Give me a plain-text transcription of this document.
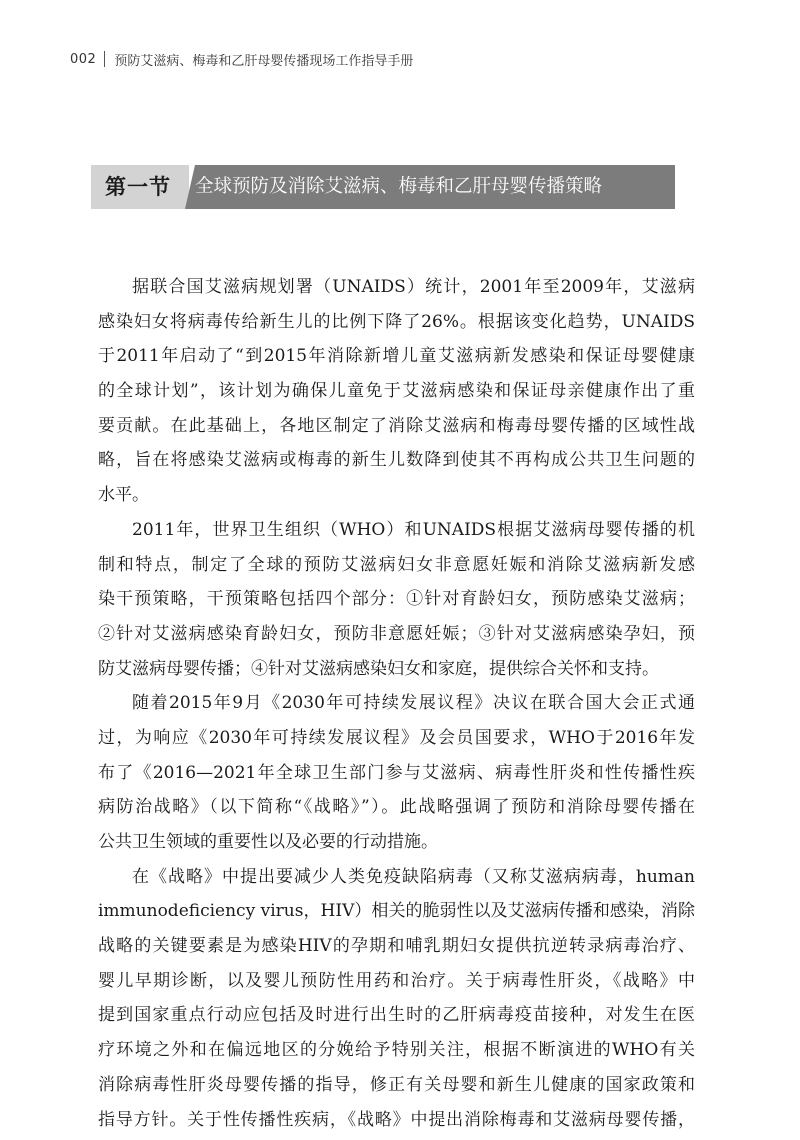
002 预防艾滋病、梅毒和乙肝母婴传播现场工作指导手册
第一节 全球预防及消除艾滋病、梅毒和乙肝母婴传播策略
据联合国艾滋病规划署（UNAIDS）统计，2001年至2009年，艾滋病
感染妇女将病毒传给新生儿的比例下降了26%。根据该变化趋势，UNAIDS
于2011年启动了“到2015年消除新增儿童艾滋病新发感染和保证母婴健康
的全球计划”，该计划为确保儿童免于艾滋病感染和保证母亲健康作出了重
要贡献。在此基础上，各地区制定了消除艾滋病和梅毒母婴传播的区域性战
略，旨在将感染艾滋病或梅毒的新生儿数降到使其不再构成公共卫生问题的
水平。
2011年，世界卫生组织（WHO）和UNAIDS根据艾滋病母婴传播的机
制和特点，制定了全球的预防艾滋病妇女非意愿妊娠和消除艾滋病新发感
染干预策略，干预策略包括四个部分：①针对育龄妇女，预防感染艾滋病；
②针对艾滋病感染育龄妇女，预防非意愿妊娠；③针对艾滋病感染孕妇，预
防艾滋病母婴传播；④针对艾滋病感染妇女和家庭，提供综合关怀和支持。
随着2015年9月《2030年可持续发展议程》决议在联合国大会正式通
过，为响应《2030年可持续发展议程》及会员国要求，WHO于2016年发
布了《2016—2021年全球卫生部门参与艾滋病、病毒性肝炎和性传播性疾
病防治战略》（以下简称“《战略》”）。此战略强调了预防和消除母婴传播在
公共卫生领域的重要性以及必要的行动措施。
在《战略》中提出要减少人类免疫缺陷病毒（又称艾滋病病毒，human
immunodeficiency virus，HIV）相关的脆弱性以及艾滋病传播和感染，消除
战略的关键要素是为感染HIV的孕期和哺乳期妇女提供抗逆转录病毒治疗、
婴儿早期诊断，以及婴儿预防性用药和治疗。关于病毒性肝炎，《战略》中
提到国家重点行动应包括及时进行出生时的乙肝病毒疫苗接种，对发生在医
疗环境之外和在偏远地区的分娩给予特别关注，根据不断演进的WHO有关
消除病毒性肝炎母婴传播的指导，修正有关母婴和新生儿健康的国家政策和
指导方针。关于性传播性疾病，《战略》中提出消除梅毒和艾滋病母婴传播，
